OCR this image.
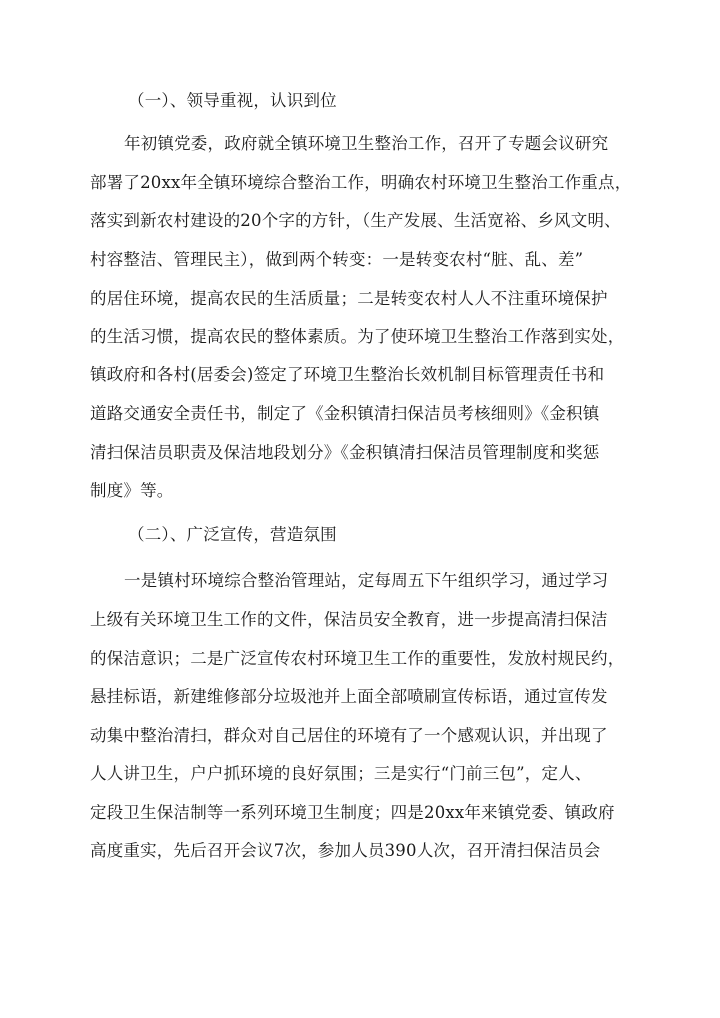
（一）、领导重视，认识到位
年初镇党委，政府就全镇环境卫生整治工作，召开了专题会议研究
部署了20xx年全镇环境综合整治工作，明确农村环境卫生整治工作重点，
落实到新农村建设的20个字的方针，（生产发展、生活宽裕、乡风文明、
村容整洁、管理民主），做到两个转变：一是转变农村“脏、乱、差”
的居住环境，提高农民的生活质量；二是转变农村人人不注重环境保护
的生活习惯，提高农民的整体素质。为了使环境卫生整治工作落到实处，
镇政府和各村(居委会)签定了环境卫生整治长效机制目标管理责任书和
道路交通安全责任书，制定了《金积镇清扫保洁员考核细则》《金积镇
清扫保洁员职责及保洁地段划分》《金积镇清扫保洁员管理制度和奖惩
制度》等。
（二）、广泛宣传，营造氛围
一是镇村环境综合整治管理站，定每周五下午组织学习，通过学习
上级有关环境卫生工作的文件，保洁员安全教育，进一步提高清扫保洁
的保洁意识；二是广泛宣传农村环境卫生工作的重要性，发放村规民约，
悬挂标语，新建维修部分垃圾池并上面全部喷刷宣传标语，通过宣传发
动集中整治清扫，群众对自己居住的环境有了一个感观认识，并出现了
人人讲卫生，户户抓环境的良好氛围；三是实行“门前三包”，定人、
定段卫生保洁制等一系列环境卫生制度；四是20xx年来镇党委、镇政府
高度重实，先后召开会议7次，参加人员390人次，召开清扫保洁员会
